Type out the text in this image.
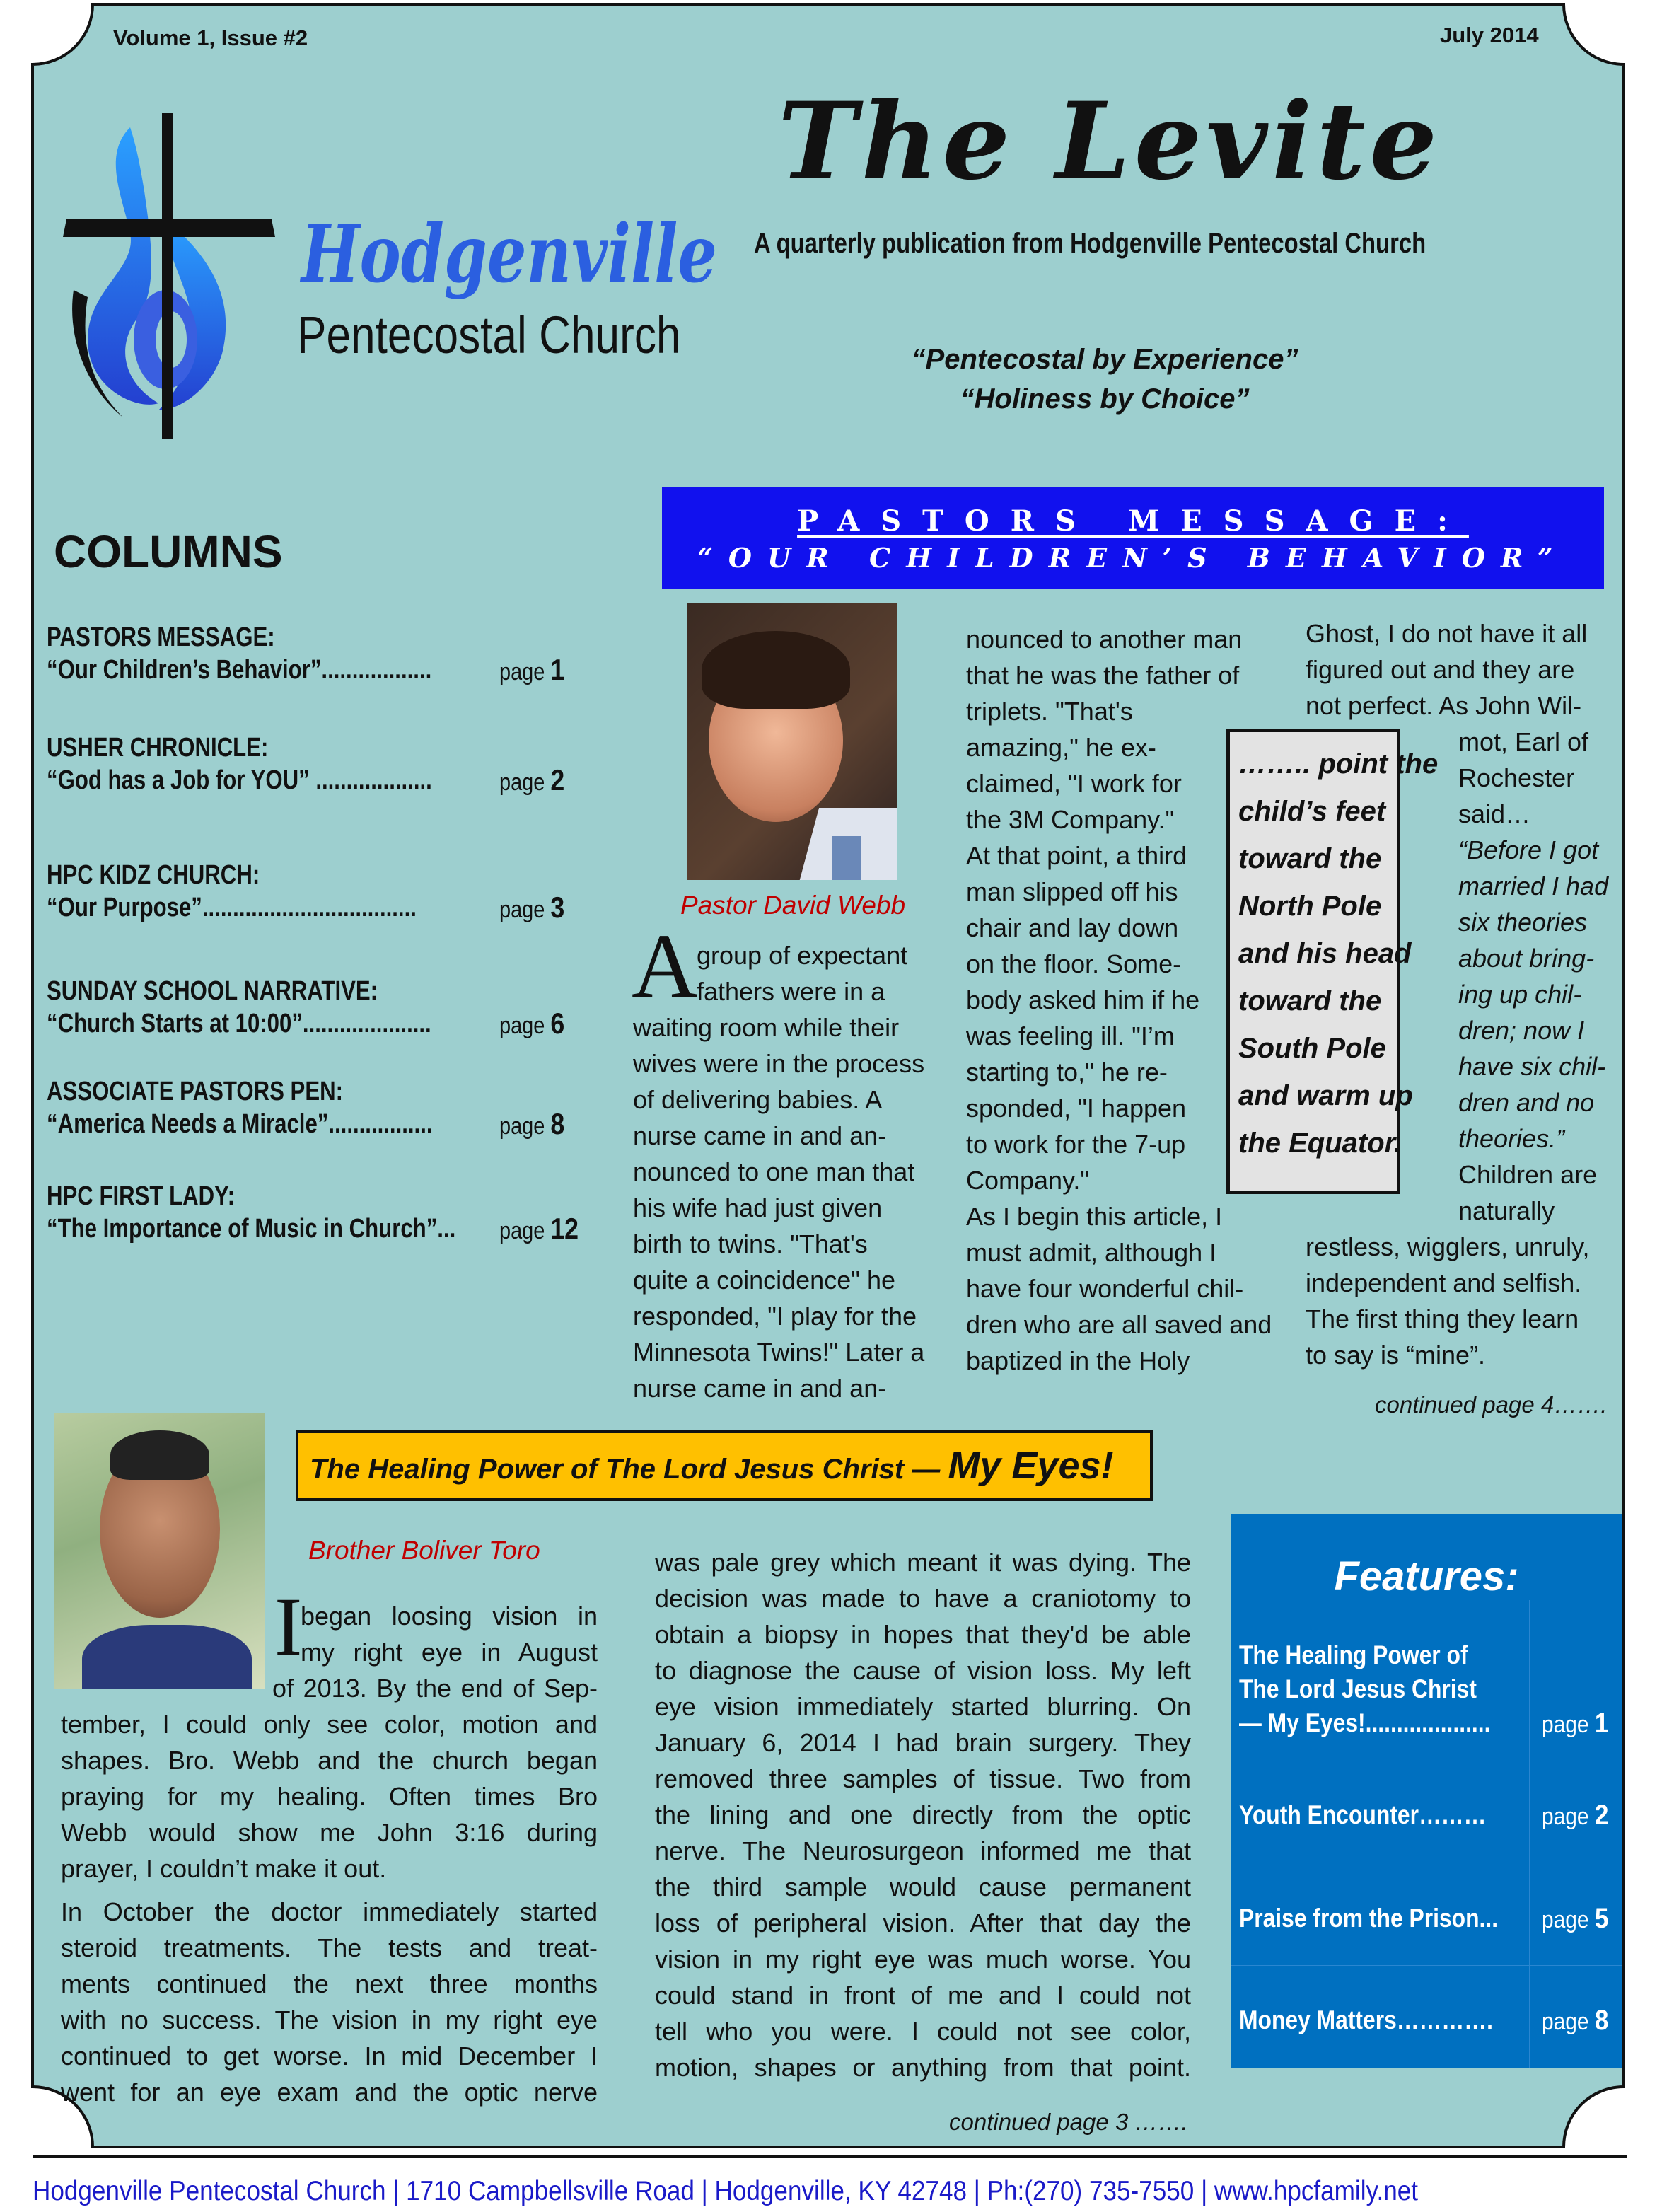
Volume 1, Issue #2	July 2014
Hodgenville
Pentecostal Church
The Levite
A quarterly publication from Hodgenville Pentecostal Church
“Pentecostal by Experience”
“Holiness by Choice”
COLUMNS
PASTORS MESSAGE:
“Our Children’s Behavior”..................	page 1
USHER CHRONICLE:
“God has a Job for YOU” ...................	page 2
HPC KIDZ CHURCH:
“Our Purpose”...................................	page 3
SUNDAY SCHOOL NARRATIVE:
“Church Starts at 10:00”.....................	page 6
ASSOCIATE PASTORS PEN:
“America Needs a Miracle”.................	page 8
HPC FIRST LADY:
“The Importance of Music in Church”...	page 12
PASTORS MESSAGE:
“OUR CHILDREN’S BEHAVIOR”
Pastor David Webb
A
group of expectant
fathers were in a
waiting room while their
wives were in the process
of delivering babies. A
nurse came in and an-
nounced to one man that
his wife had just given
birth to twins. "That's
quite a coincidence" he
responded, "I play for the
Minnesota Twins!" Later a
nurse came in and an-
nounced to another man
that he was the father of
triplets. "That's
amazing," he ex-
claimed, "I work for
the 3M Company."
At that point, a third
man slipped off his
chair and lay down
on the floor. Some-
body asked him if he
was feeling ill. "I’m
starting to," he re-
sponded, "I happen
to work for the 7-up
Company."
As I begin this article, I
must admit, although I
have four wonderful chil-
dren who are all saved and
baptized in the Holy
Ghost, I do not have it all
figured out and they are
not perfect. As John Wil-
mot, Earl of
Rochester
said…
“Before I got
married I had
six theories
about bring-
ing up chil-
dren; now I
have six chil-
dren and no
theories.”
Children are
naturally
restless, wigglers, unruly,
independent and selfish.
The first thing they learn
to say is “mine”.
…….. point the
child’s feet
toward the
North Pole
and his head
toward the
South Pole
and warm up
the Equator.
continued page 4…….
The Healing Power of The Lord Jesus Christ — My Eyes!
Brother Boliver Toro
I
began loosing vision in
my right eye in August
of 2013. By the end of Sep-
tember, I could only see color, motion and
shapes. Bro. Webb and the church began
praying for my healing. Often times Bro
Webb would show me John 3:16 during
prayer, I couldn’t make it out.
In October the doctor immediately started
steroid treatments. The tests and treat-
ments continued the next three months
with no success. The vision in my right eye
continued to get worse. In mid December I
went for an eye exam and the optic nerve
was pale grey which meant it was dying. The
decision was made to have a craniotomy to
obtain a biopsy in hopes that they'd be able
to diagnose the cause of vision loss. My left
eye vision immediately started blurring. On
January 6, 2014 I had brain surgery. They
removed three samples of tissue. Two from
the lining and one directly from the optic
nerve. The Neurosurgeon informed me that
the third sample would cause permanent
loss of peripheral vision. After that day the
vision in my right eye was much worse. You
could stand in front of me and I could not
tell who you were. I could not see color,
motion, shapes or anything from that point.
continued page 3 …….
Features:
The Healing Power of
The Lord Jesus Christ
— My Eyes!....................	page 1
Youth Encounter………	page 2
Praise from the Prison...	page 5
Money Matters………….	page 8
Hodgenville Pentecostal Church | 1710 Campbellsville Road | Hodgenville, KY 42748 | Ph:(270) 735-7550 | www.hpcfamily.net
